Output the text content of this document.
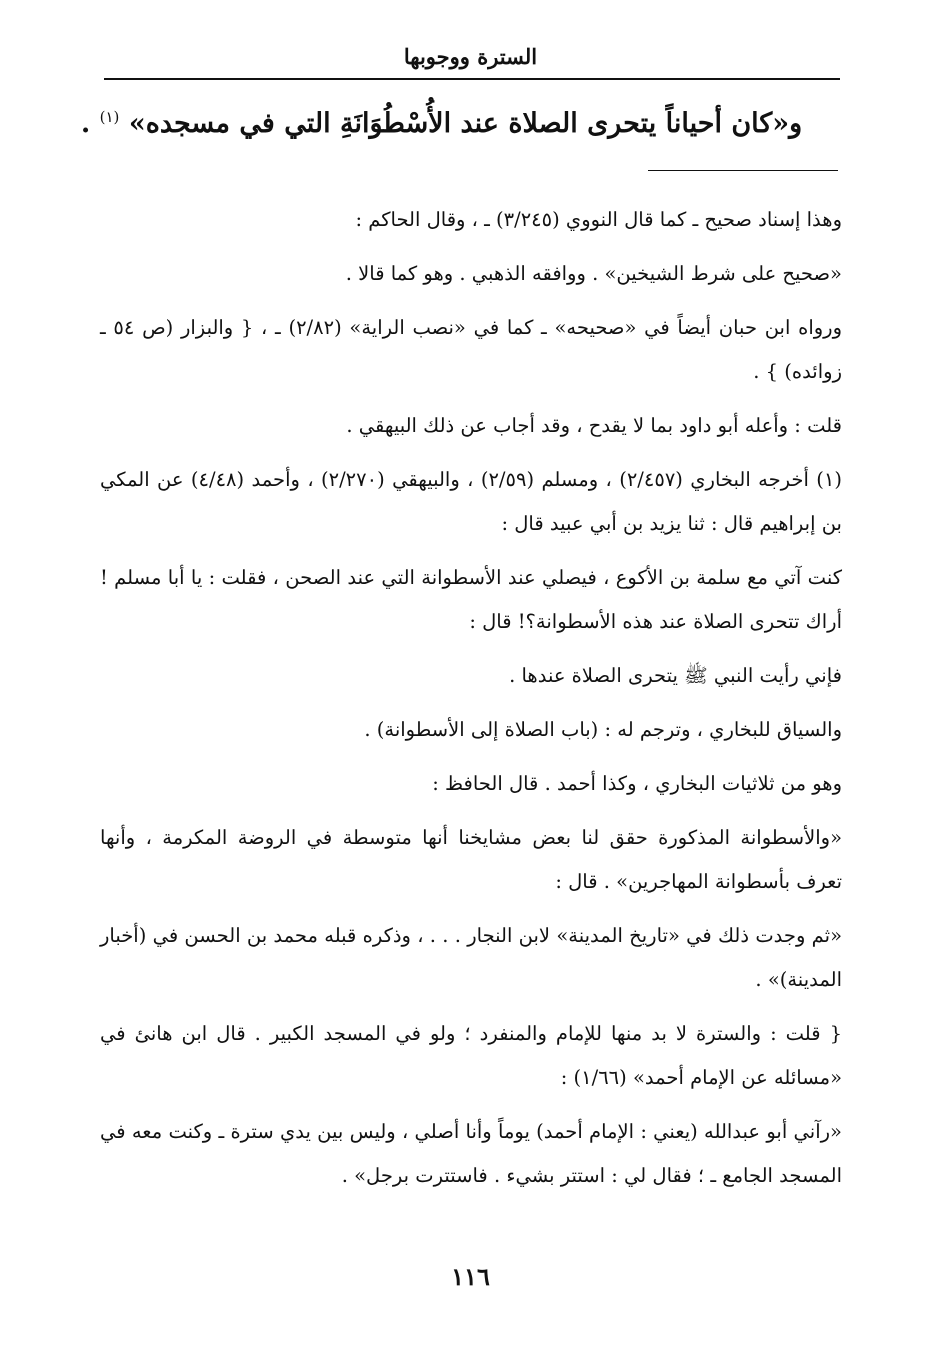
السترة ووجوبها
و«كان أحياناً يتحرى الصلاة عند الأُسْطُوَانَةِ التي في مسجده» $^{(١)}$ .

وهذا إسناد صحيح ـ كما قال النووي (٣/٢٤٥) ـ ، وقال الحاكم :

«صحيح على شرط الشيخين» . ووافقه الذهبي . وهو كما قالا .

ورواه ابن حبان أيضاً في «صحيحه» ـ كما في «نصب الراية» (٢/٨٢) ـ ، { والبزار (ص ٥٤ ـ زوائده) } .

قلت : وأعله أبو داود بما لا يقدح ، وقد أجاب عن ذلك البيهقي .

(١) أخرجه البخاري (٢/٤٥٧) ، ومسلم (٢/٥٩) ، والبيهقي (٢/٢٧٠) ، وأحمد (٤/٤٨) عن المكي بن إبراهيم قال : ثنا يزيد بن أبي عبيد قال :

كنت آتي مع سلمة بن الأكوع ، فيصلي عند الأسطوانة التي عند الصحن ، فقلت : يا أبا مسلم ! أراك تتحرى الصلاة عند هذه الأسطوانة؟! قال :

فإني رأيت النبي ﷺ يتحرى الصلاة عندها .

والسياق للبخاري ، وترجم له : (باب الصلاة إلى الأسطوانة) .

وهو من ثلاثيات البخاري ، وكذا أحمد . قال الحافظ :

«والأسطوانة المذكورة حقق لنا بعض مشايخنا أنها متوسطة في الروضة المكرمة ، وأنها تعرف بأسطوانة المهاجرين» . قال :

«ثم وجدت ذلك في «تاريخ المدينة» لابن النجار . . . ، وذكره قبله محمد بن الحسن في (أخبار المدينة)» .

{ قلت : والسترة لا بد منها للإمام والمنفرد ؛ ولو في المسجد الكبير . قال ابن هانئ في «مسائله عن الإمام أحمد» (١/٦٦) :

«رآني أبو عبدالله (يعني : الإمام أحمد) يوماً وأنا أصلي ، وليس بين يدي سترة ـ وكنت معه في المسجد الجامع ـ ؛ فقال لي : استتر بشيء . فاستترت برجل» .

١١٦
